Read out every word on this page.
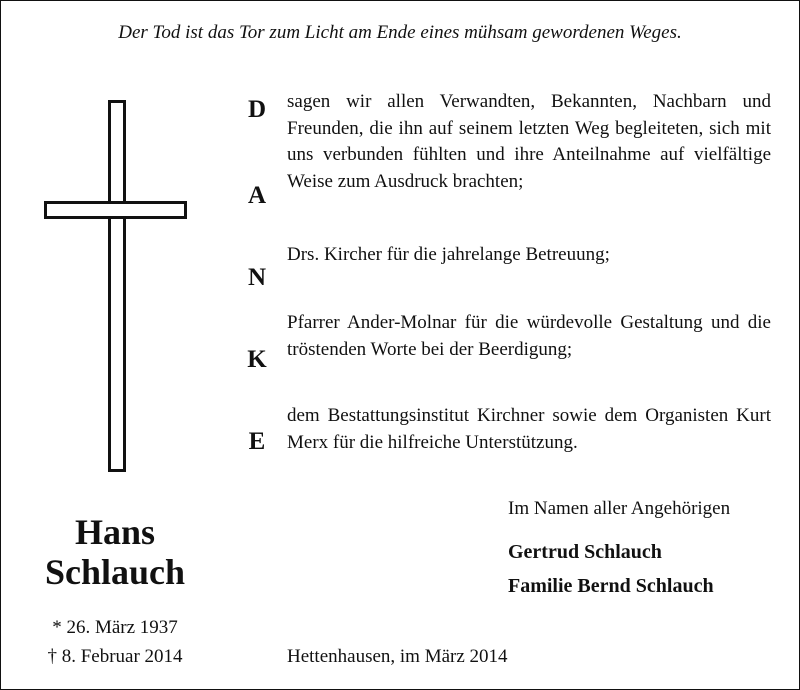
Der Tod ist das Tor zum Licht am Ende eines mühsam gewordenen Weges.
D
A
N
K
E
sagen wir allen Verwandten, Bekannten, Nachbarn und Freunden, die ihn auf seinem letzten Weg begleiteten, sich mit uns verbunden fühlten und ihre Anteilnahme auf vielfältige Weise zum Ausdruck brachten;
Drs. Kircher für die jahrelange Betreuung;
Pfarrer Ander-Molnar für die würdevolle Gestaltung und die tröstenden Worte bei der Beerdigung;
dem Bestattungsinstitut Kirchner sowie dem Organisten Kurt Merx für die hilfreiche Unterstützung.
Hans
Schlauch
* 26. März 1937
† 8. Februar 2014
Im Namen aller Angehörigen
Gertrud Schlauch
Familie Bernd Schlauch
Hettenhausen, im März 2014
